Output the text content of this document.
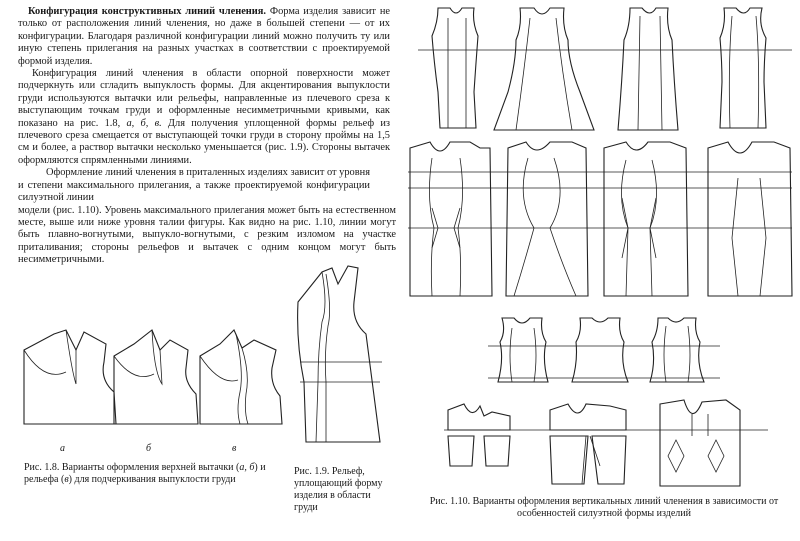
Конфигурация конструктивных линий членения. Форма изделия зависит не только от расположения линий членения, но даже в большей степени — от их конфигурации. Благодаря различной конфигурации линий можно получить ту или иную степень прилегания на разных участках в соответствии с проектируемой формой изделия.

Конфигурация линий членения в области опорной поверхности может подчеркнуть или сгладить выпуклость формы. Для акцентирования выпуклости груди используются вытачки или рельефы, направленные из плечевого среза к выступающим точкам груди и оформленные несимметричными кривыми, как показано на рис. 1.8, а, б, в. Для получения уплощенной формы рельеф из плечевого среза смещается от выступающей точки груди в сторону проймы на 1,5 см и более, а раствор вытачки несколько уменьшается (рис. 1.9). Стороны вытачек оформляются спрямленными линиями.

Оформление линий членения в приталенных изделиях зависит от уровня и степени максимального прилегания, а также проектируемой конфигурации силуэтной линии

модели (рис. 1.10). Уровень максимального прилегания может быть на естественном месте, выше или ниже уровня талии фигуры. Как видно на рис. 1.10, линии могут быть плавно-вогнутыми, выпукло-вогнутыми, с резким изломом на участке приталивания; стороны рельефов и вытачек с одним концом могут быть несимметричными.

а	б	в
Рис. 1.8. Варианты оформления верхней вытачки (а, б) и рельефа (в) для подчеркивания выпуклости груди
Рис. 1.9. Рельеф, уплощающий форму изделия в области груди
Рис. 1.10. Варианты оформления вертикальных линий членения в зависимости от особенностей силуэтной формы изделий
